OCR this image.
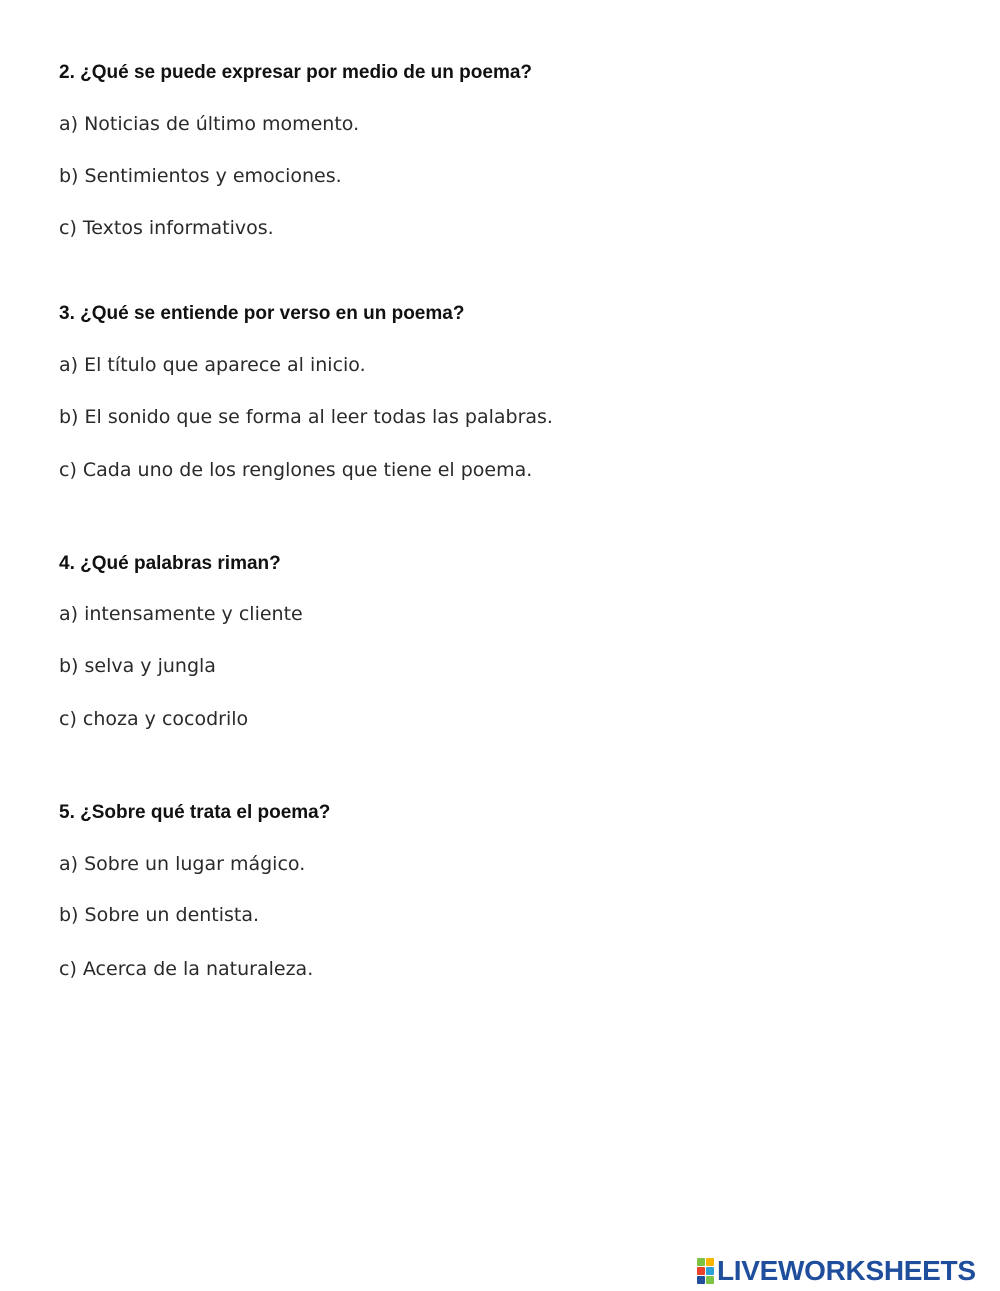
2. ¿Qué se puede expresar por medio de un poema?
a) Noticias de último momento.
b) Sentimientos y emociones.
c) Textos informativos.
3. ¿Qué se entiende por verso en un poema?
a) El título que aparece al inicio.
b) El sonido que se forma al leer todas las palabras.
c) Cada uno de los renglones que tiene el poema.
4. ¿Qué palabras riman?
a) intensamente y cliente
b) selva y jungla
c) choza y cocodrilo
5. ¿Sobre qué trata el poema?
a) Sobre un lugar mágico.
b) Sobre un dentista.
c) Acerca de la naturaleza.
LIVEWORKSHEETS
